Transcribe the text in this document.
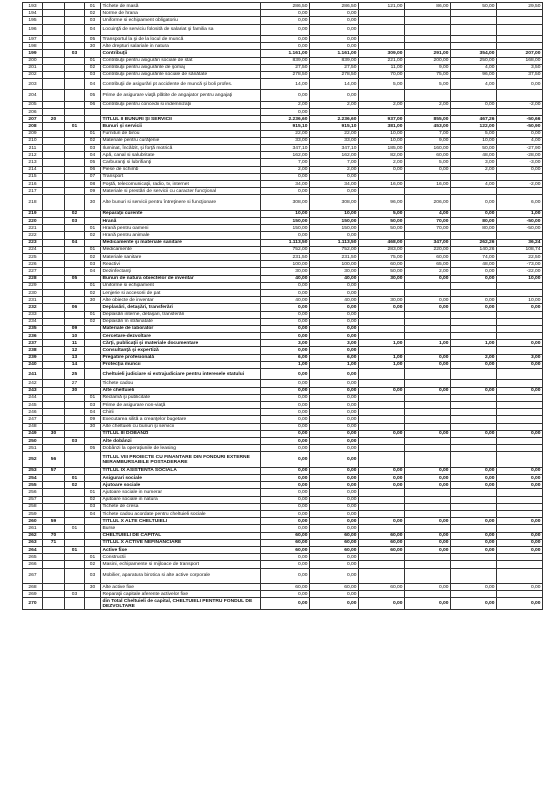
193			01	Tichete de masă	286,50	286,50	121,00	86,00	50,00	29,50
194			02	Norme de hrana	0,00	0,00				
195			03	Uniforme si echipament obligatoriu	0,00	0,00				
196			04	Locuinţă de serviciu folosită de salariat şi familia sa	0,00	0,00				
197			05	Transportul la şi de la locul de muncă	0,00	0,00				
198			30	Alte drepturi salariale in natura	0,00	0,00				
199		03		Contribuţii	1.161,00	1.161,00	309,00	291,00	354,00	207,00
200			01	Contribuţii pentru asigurări sociale de stat	839,00	839,00	221,00	200,00	250,00	168,00
201			02	Contribuţii pentru asigurările de şomaj	27,50	27,50	11,00	9,00	4,00	3,50
202			03	Contribuţii pentru asigurările sociale de sănătate	278,50	278,50	70,00	75,00	96,00	37,50
203			04	Contribuţii de asigurări pt accidente de muncă şi boli profes.	14,00	14,00	5,00	5,00	4,00	0,00
204			05	Prime de asigurare viaţă plătite de angajator pentru angajaţi	0,00	0,00				
205			06	Contribuţii pentru concedii si indemnizaţii	2,00	2,00	2,00	2,00	0,00	-2,00
206					0,00					
207	20			TITLUL II BUNURI ŞI SERVICII	2.236,60	2.236,60	937,00	855,00	467,26	-50,66
208		01		Bunuri şi servicii	915,10	915,10	381,00	453,00	122,00	-50,90
209			01	Furnituri de birou	22,00	22,00	10,00	7,00	5,00	0,00
210			02	Materiale pentru curăţenie	33,00	33,00	10,00	9,00	10,00	4,00
211			03	Iluminat, încălzit, şi forţă motrică	347,10	347,10	185,00	160,00	50,00	-27,90
212			04	Apă, canal si salubritate	162,00	162,00	82,00	60,00	48,00	-28,00
213			05	Carburanţi si lubrifianţi	7,00	7,00	2,00	5,00	3,00	-3,00
214			06	Piese de schimb	2,00	2,00	0,00	0,00	2,00	0,00
215			07	Transport	0,00	0,00				
216			08	Poştă, telecomunicaţii, radio, tv, internet	34,00	34,00	16,00	16,00	4,00	-2,00
217			09	Materiale si prestări de servicii cu caracter funcţional	0,00	0,00				
218			30	Alte bunuri si servicii pentru întreţinere si funcţionare	308,00	308,00	96,00	206,00	0,00	6,00
219		02		Reparaţii curente	10,00	10,00	5,00	4,00	0,00	1,00
220		03		Hrană	150,00	150,00	50,00	70,00	80,00	-50,00
221			01	Hrană pentru oameni	150,00	150,00	50,00	70,00	80,00	-50,00
222			02	Hrană pentru animale	0,00	0,00				
223		04		Medicamente şi materiale sanitare	1.113,50	1.113,50	468,00	347,00	262,26	36,24
224			01	Medicamente	752,00	752,00	283,00	220,00	140,26	108,74
225			02	Materiale sanitare	231,50	231,50	75,00	60,00	74,00	22,50
226			03	Reactivi	100,00	100,00	60,00	65,00	48,00	-73,00
227			04	Dezinfectanţi	30,00	30,00	50,00	2,00	0,00	-22,00
228		05		Bunuri de natura obiectelor de inventar	40,00	40,00	30,00	0,00	0,00	10,00
229			01	Uniforme si echipament	0,00	0,00				
230			02	Lenjerie si accesorii de pat	0,00	0,00				
231			30	Alte obiecte de inventar	40,00	40,00	30,00	0,00	0,00	10,00
232		06		Deplasări, detaşări, transferări	0,00	0,00	0,00	0,00	0,00	0,00
233			01	Deplasări interne, detaşari, transferări	0,00	0,00				
234			02	Deplasări în străinatate	0,00	0,00				
235		09		Materiale de laborator	0,00	0,00				
236		10		Cercetare-dezvoltare	0,00	0,00				
237		11		Cărţi, publicaţii şi materiale documentare	3,00	3,00	1,00	1,00	1,00	0,00
238		12		Consultanţă şi expertiză	0,00	0,00				
239		13		Pregatire profesională	6,00	6,00	1,00	0,00	2,00	3,00
240		14		Protecţia muncii	1,00	1,00	1,00	0,00	0,00	0,00
241		25		Cheltuieli judiciare si extrajudiciare pentru interesele statului	0,00	0,00				
242		27		Tichete cadou	0,00	0,00				
243		30		Alte cheltuieli	0,00	0,00	0,00	0,00	0,00	0,00
244			01	Reclamă şi publicitate	0,00	0,00				
245			03	Prime de asigurare non-viaţă	0,00	0,00				
246			04	Chirii	0,00	0,00				
247			09	Executarea silită a creanţelor bugetare	0,00	0,00				
248			30	Alte cheltuieli cu bunuri şi servicii	0,00	0,00				
249	30			TITLUL III DOBÂNZI	0,00	0,00	0,00	0,00	0,00	0,00
250		03		Alte dobânzi	0,00	0,00				
251			05	Dobânzi la operaţiunile de leasing	0,00	0,00				
252	56			TITLUL VIII PROIECTE CU FINANTARE DIN FONDURI EXTERNE NERAMBURSABILE POSTADERARE	0,00	0,00				
253	57			TITLUL IX ASISTENTA SOCIALA	0,00	0,00	0,00	0,00	0,00	0,00
254		01		Asigurari sociale	0,00	0,00	0,00	0,00	0,00	0,00
255		02		Ajutoare sociale	0,00	0,00	0,00	0,00	0,00	0,00
256			01	Ajutoare sociale in numerar	0,00	0,00				
257			02	Ajutoare sociale in natura	0,00	0,00				
258			03	Tichete de cresa	0,00	0,00				
259			04	Tichete cadou acordate pentru cheltuieli sociale	0,00	0,00				
260	59			TITLUL X ALTE CHELTUIELI	0,00	0,00	0,00	0,00	0,00	0,00
261		01		Burse	0,00	0,00				
262	70			CHELTUIELI DE CAPITAL	60,00	60,00	60,00	0,00	0,00	0,00
263	71			TITLUL X ACTIVE NEFINANCIARE	60,00	60,00	60,00	0,00	0,00	0,00
264		01		Active fixe	60,00	60,00	60,00	0,00	0,00	0,00
265			01	Constructii	0,00	0,00				
266			02	Masini, echipamente si mijloace de transport	0,00	0,00				
267			03	Mobilier, aparatura birotica si alte active corporale	0,00	0,00				
268			30	Alte active fixe	60,00	60,00	60,00	0,00	0,00	0,00
269		03		Reparaţii capitale aferente activelor fixe	0,00	0,00				
270				din Total Cheltuieli de capital, CHELTUIELI PENTRU FONDUL DE DEZVOLTARE	0,00	0,00	0,00	0,00	0,00	0,00
